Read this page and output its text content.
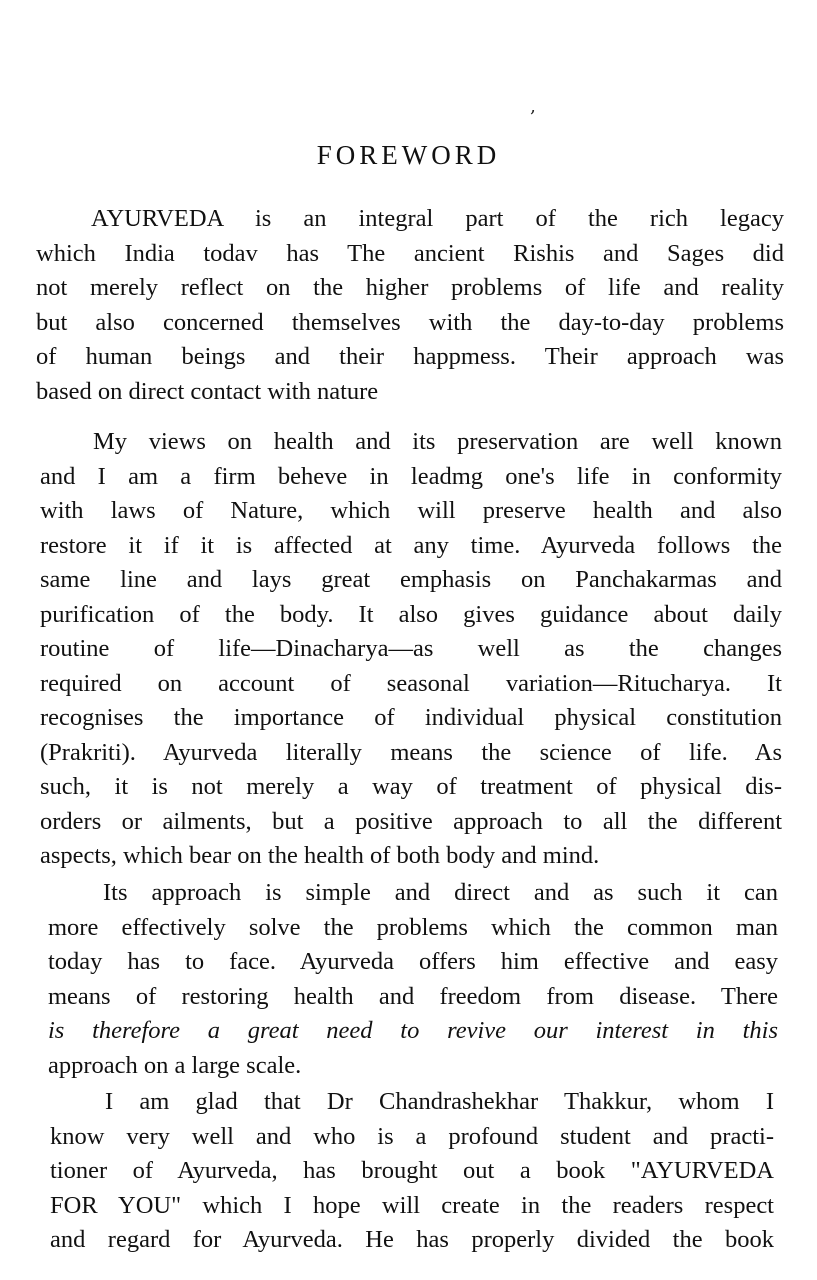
‚
FOREWORD

AYURVEDA is an integral part of the rich legacy
which India todav has The ancient Rishis and Sages did
not merely reflect on the higher problems of life and reality
but also concerned themselves with the day-to-day problems
of human beings and their happmess. Their approach was
based on direct contact with nature

My views on health and its preservation are well known
and I am a firm beheve in leadmg one's life in conformity
with laws of Nature, which will preserve health and also
restore it if it is affected at any time. Ayurveda follows the
same line and lays great emphasis on Panchakarmas and
purification of the body. It also gives guidance about daily
routine of life—Dinacharya—as well as the changes
required on account of seasonal variation—Ritucharya. It
recognises the importance of individual physical constitution
(Prakriti). Ayurveda literally means the science of life. As
such, it is not merely a way of treatment of physical dis-
orders or ailments, but a positive approach to all the different
aspects, which bear on the health of both body and mind.

Its approach is simple and direct and as such it can
more effectively solve the problems which the common man
today has to face. Ayurveda offers him effective and easy
means of restoring health and freedom from disease. There
is therefore a great need to revive our interest in this
approach on a large scale.

I am glad that Dr Chandrashekhar Thakkur, whom I
know very well and who is a profound student and practi-
tioner of Ayurveda, has brought out a book "AYURVEDA
FOR YOU" which I hope will create in the readers respect
and regard for Ayurveda. He has properly divided the book
